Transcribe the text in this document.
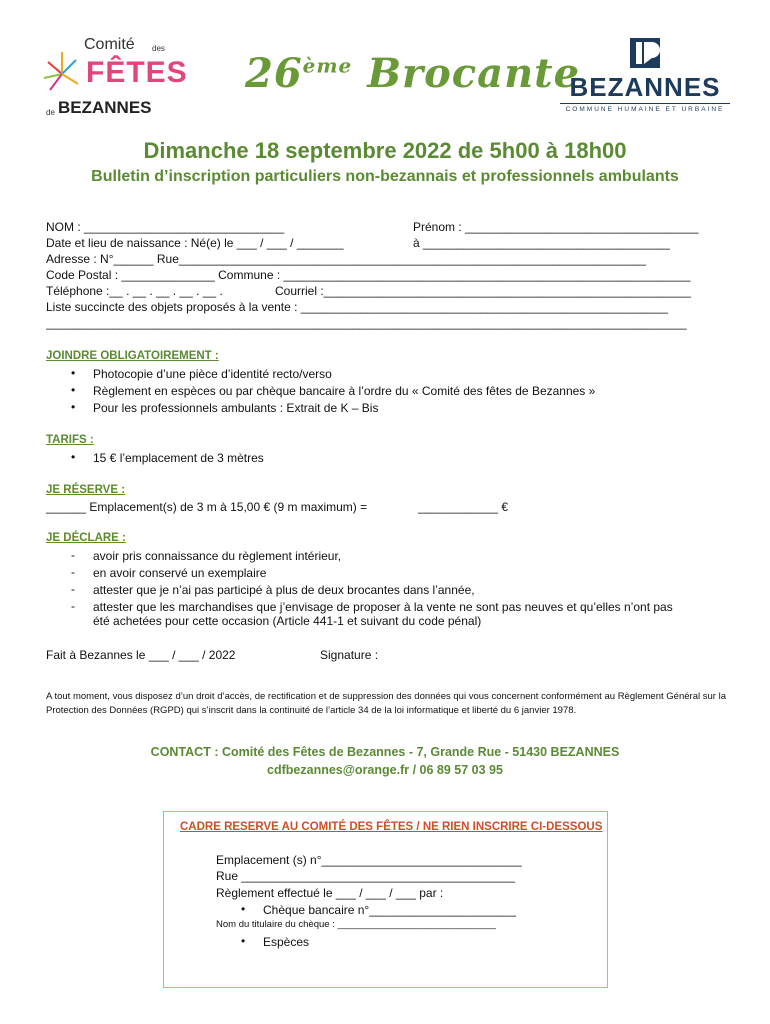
Comité des
FÊTES
de BEZANNES
26ème Brocante
BEZANNES
COMMUNE HUMAINE ET URBAINE
Dimanche 18 septembre 2022 de 5h00 à 18h00
Bulletin d’inscription particuliers non-bezannais et professionnels ambulants
NOM : ______________________________	Prénom : ___________________________________
Date et lieu de naissance : Né(e) le ___ / ___ / _______	à _____________________________________
Adresse : N°______ Rue______________________________________________________________________
Code Postal : ______________ Commune : _____________________________________________________________
Téléphone :__ . __ . __ . __ . __ .	Courriel :_______________________________________________________
Liste succincte des objets proposés à la vente : _______________________________________________________
________________________________________________________________________________________________
JOINDRE OBLIGATOIREMENT :
• Photocopie d’une pièce d’identité recto/verso
• Règlement en espèces ou par chèque bancaire à l’ordre du « Comité des fêtes de Bezannes »
• Pour les professionnels ambulants : Extrait de K – Bis
TARIFS :
• 15 € l’emplacement de 3 mètres
JE RÉSERVE :
______ Emplacement(s) de 3 m à 15,00 € (9 m maximum) =	____________ €
JE DÉCLARE :
- avoir pris connaissance du règlement intérieur,
- en avoir conservé un exemplaire
- attester que je n’ai pas participé à plus de deux brocantes dans l’année,
- attester que les marchandises que j’envisage de proposer à la vente ne sont pas neuves et qu’elles n’ont pas
été achetées pour cette occasion (Article 441-1 et suivant du code pénal)
Fait à Bezannes le ___ / ___ / 2022	Signature :
A tout moment, vous disposez d’un droit d’accès, de rectification et de suppression des données qui vous concernent conformément au Règlement Général sur la Protection des Données (RGPD) qui s’inscrit dans la continuité de l’article 34 de la loi informatique et liberté du 6 janvier 1978.
CONTACT : Comité des Fêtes de Bezannes - 7, Grande Rue - 51430 BEZANNES
cdfbezannes@orange.fr / 06 89 57 03 95
CADRE RESERVE AU COMITÉ DES FÊTES / NE RIEN INSCRIRE CI-DESSOUS
Emplacement (s) n°______________________________
Rue _________________________________________
Règlement effectué le ___ / ___ / ___ par :
• Chèque bancaire n°______________________
Nom du titulaire du chèque : ______________________________
• Espèces
